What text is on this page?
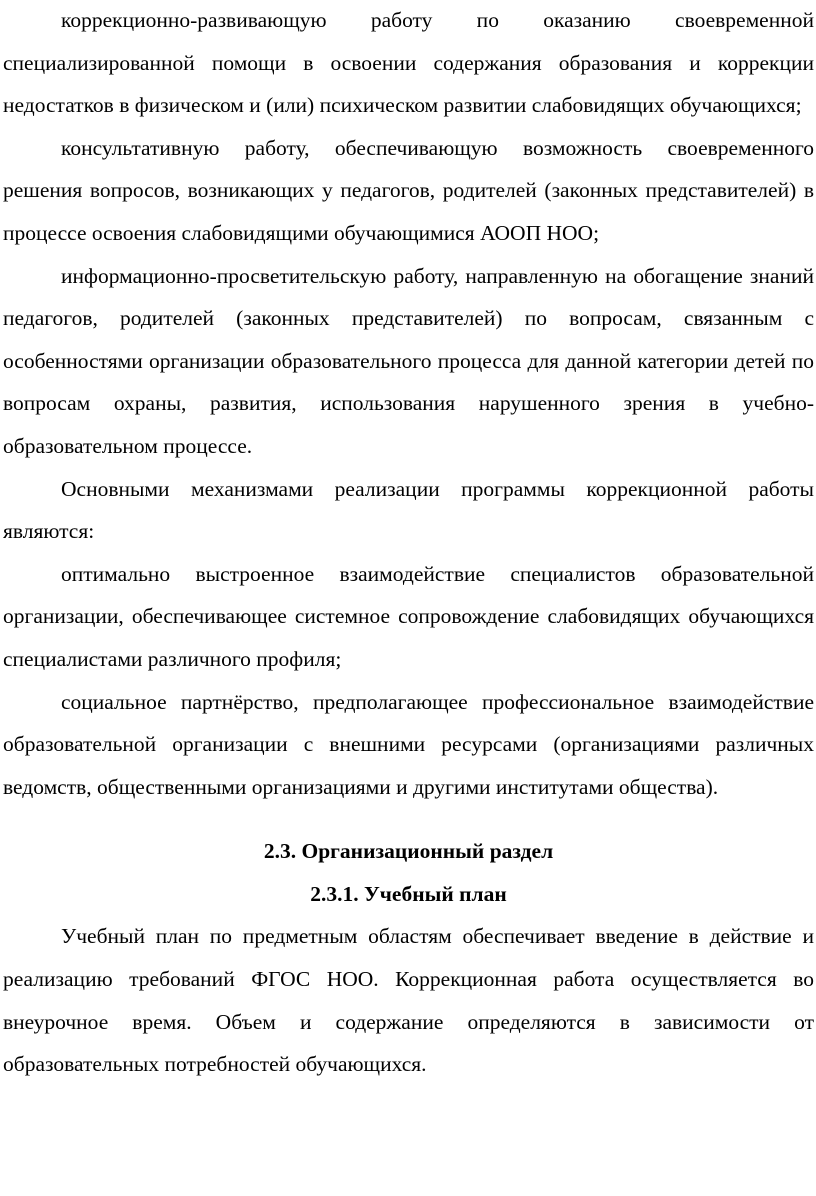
коррекционно-развивающую работу по оказанию своевременной специализированной помощи в освоении содержания образования и коррекции недостатков в физическом и (или) психическом развитии слабовидящих обучающихся;

консультативную работу, обеспечивающую возможность своевременного решения вопросов, возникающих у педагогов, родителей (законных представителей) в процессе освоения слабовидящими обучающимися АООП НОО;

информационно-просветительскую работу, направленную на обогащение знаний педагогов, родителей (законных представителей) по вопросам, связанным с особенностями организации образовательного процесса для данной категории детей по вопросам охраны, развития, использования нарушенного зрения в учебно-образовательном процессе.

Основными механизмами реализации программы коррекционной работы являются:

оптимально выстроенное взаимодействие специалистов образовательной организации, обеспечивающее системное сопровождение слабовидящих обучающихся специалистами различного профиля;

социальное партнёрство, предполагающее профессиональное взаимодействие образовательной организации с внешними ресурсами (организациями различных ведомств, общественными организациями и другими институтами общества).

2.3. Организационный раздел

2.3.1. Учебный план

Учебный план по предметным областям обеспечивает введение в действие и реализацию требований ФГОС НОО. Коррекционная работа осуществляется во внеурочное время. Объем и содержание определяются в зависимости от образовательных потребностей обучающихся.
